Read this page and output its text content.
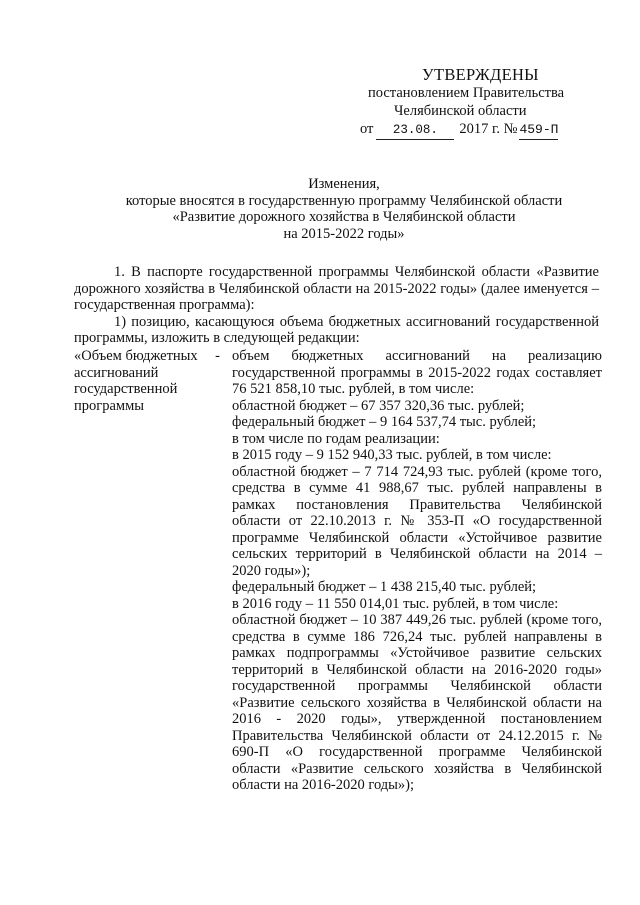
УТВЕРЖДЕНЫ
постановлением Правительства
Челябинской области
от	23.08.	2017 г. № 459-П
Изменения,
которые вносятся в государственную программу Челябинской области
«Развитие дорожного хозяйства в Челябинской области
на 2015-2022 годы»
1. В паспорте государственной программы Челябинской области «Развитие дорожного хозяйства в Челябинской области на 2015-2022 годы» (далее именуется – государственная программа):
1) позицию, касающуюся объема бюджетных ассигнований государственной программы, изложить в следующей редакции:

«Объем бюджетных ассигнований государственной программы

- объем бюджетных ассигнований на реализацию государственной программы в 2015-2022 годах составляет 76 521 858,10 тыс. рублей, в том числе:

областной бюджет – 67 357 320,36 тыс. рублей;

федеральный бюджет – 9 164 537,74 тыс. рублей;

в том числе по годам реализации:

в 2015 году – 9 152 940,33 тыс. рублей, в том числе:

областной бюджет – 7 714 724,93 тыс. рублей (кроме того, средства в сумме 41 988,67 тыс. рублей направлены в рамках постановления Правительства Челябинской области от 22.10.2013 г. № 353-П «О государственной программе Челябинской области «Устойчивое развитие сельских территорий в Челябинской области на 2014 – 2020 годы»);

федеральный бюджет – 1 438 215,40 тыс. рублей;

в 2016 году – 11 550 014,01 тыс. рублей, в том числе:

областной бюджет – 10 387 449,26 тыс. рублей (кроме того, средства в сумме 186 726,24 тыс. рублей направлены в рамках подпрограммы «Устойчивое развитие сельских территорий в Челябинской области на 2016-2020 годы» государственной программы Челябинской области «Развитие сельского хозяйства в Челябинской области на 2016 - 2020 годы», утвержденной постановлением Правительства Челябинской области от 24.12.2015 г. № 690-П «О государственной программе Челябинской области «Развитие сельского хозяйства в Челябинской области на 2016-2020 годы»);
